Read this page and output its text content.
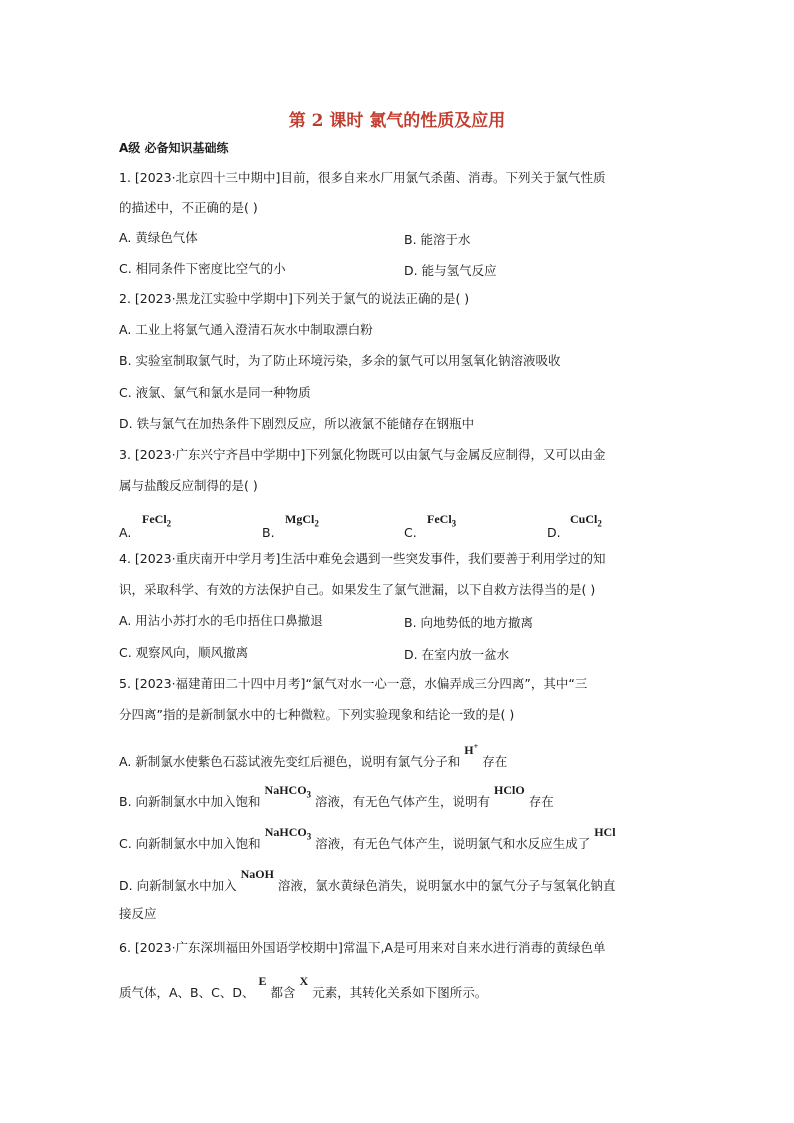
第 2 课时 氯气的性质及应用
A级 必备知识基础练
1. [2023·北京四十三中期中]目前，很多自来水厂用氯气杀菌、消毒。下列关于氯气性质
的描述中，不正确的是( )
A. 黄绿色气体	B. 能溶于水
C. 相同条件下密度比空气的小	D. 能与氢气反应
2. [2023·黑龙江实验中学期中]下列关于氯气的说法正确的是( )
A. 工业上将氯气通入澄清石灰水中制取漂白粉
B. 实验室制取氯气时，为了防止环境污染，多余的氯气可以用氢氧化钠溶液吸收
C. 液氯、氯气和氯水是同一种物质
D. 铁与氯气在加热条件下剧烈反应，所以液氯不能储存在钢瓶中
3. [2023·广东兴宁齐昌中学期中]下列氯化物既可以由氯气与金属反应制得，又可以由金
属与盐酸反应制得的是( )
A.
FeCl$_2$
B.
MgCl$_2$
C.
FeCl$_3$
D.
CuCl$_2$
4. [2023·重庆南开中学月考]生活中难免会遇到一些突发事件，我们要善于利用学过的知
识，采取科学、有效的方法保护自己。如果发生了氯气泄漏，以下自救方法得当的是( )
A. 用沾小苏打水的毛巾捂住口鼻撤退	B. 向地势低的地方撤离
C. 观察风向，顺风撤离	D. 在室内放一盆水
5. [2023·福建莆田二十四中月考]“氯气对水一心一意，水偏弄成三分四离”，其中“三
分四离”指的是新制氯水中的七种微粒。下列实验现象和结论一致的是( )
A. 新制氯水使紫色石蕊试液先变红后褪色，说明有氯气分子和H+存在
B. 向新制氯水中加入饱和NaHCO$_3$ 溶液，有无色气体产生，说明有HClO存在
C. 向新制氯水中加入饱和NaHCO$_3$ 溶液，有无色气体产生，说明氯气和水反应生成了HCl
D. 向新制氯水中加入NaOH溶液，氯水黄绿色消失，说明氯水中的氯气分子与氢氧化钠直
接反应
6. [2023·广东深圳福田外国语学校期中]常温下,A是可用来对自来水进行消毒的黄绿色单
质气体，A、B、C、D、E都含X元素，其转化关系如下图所示。
